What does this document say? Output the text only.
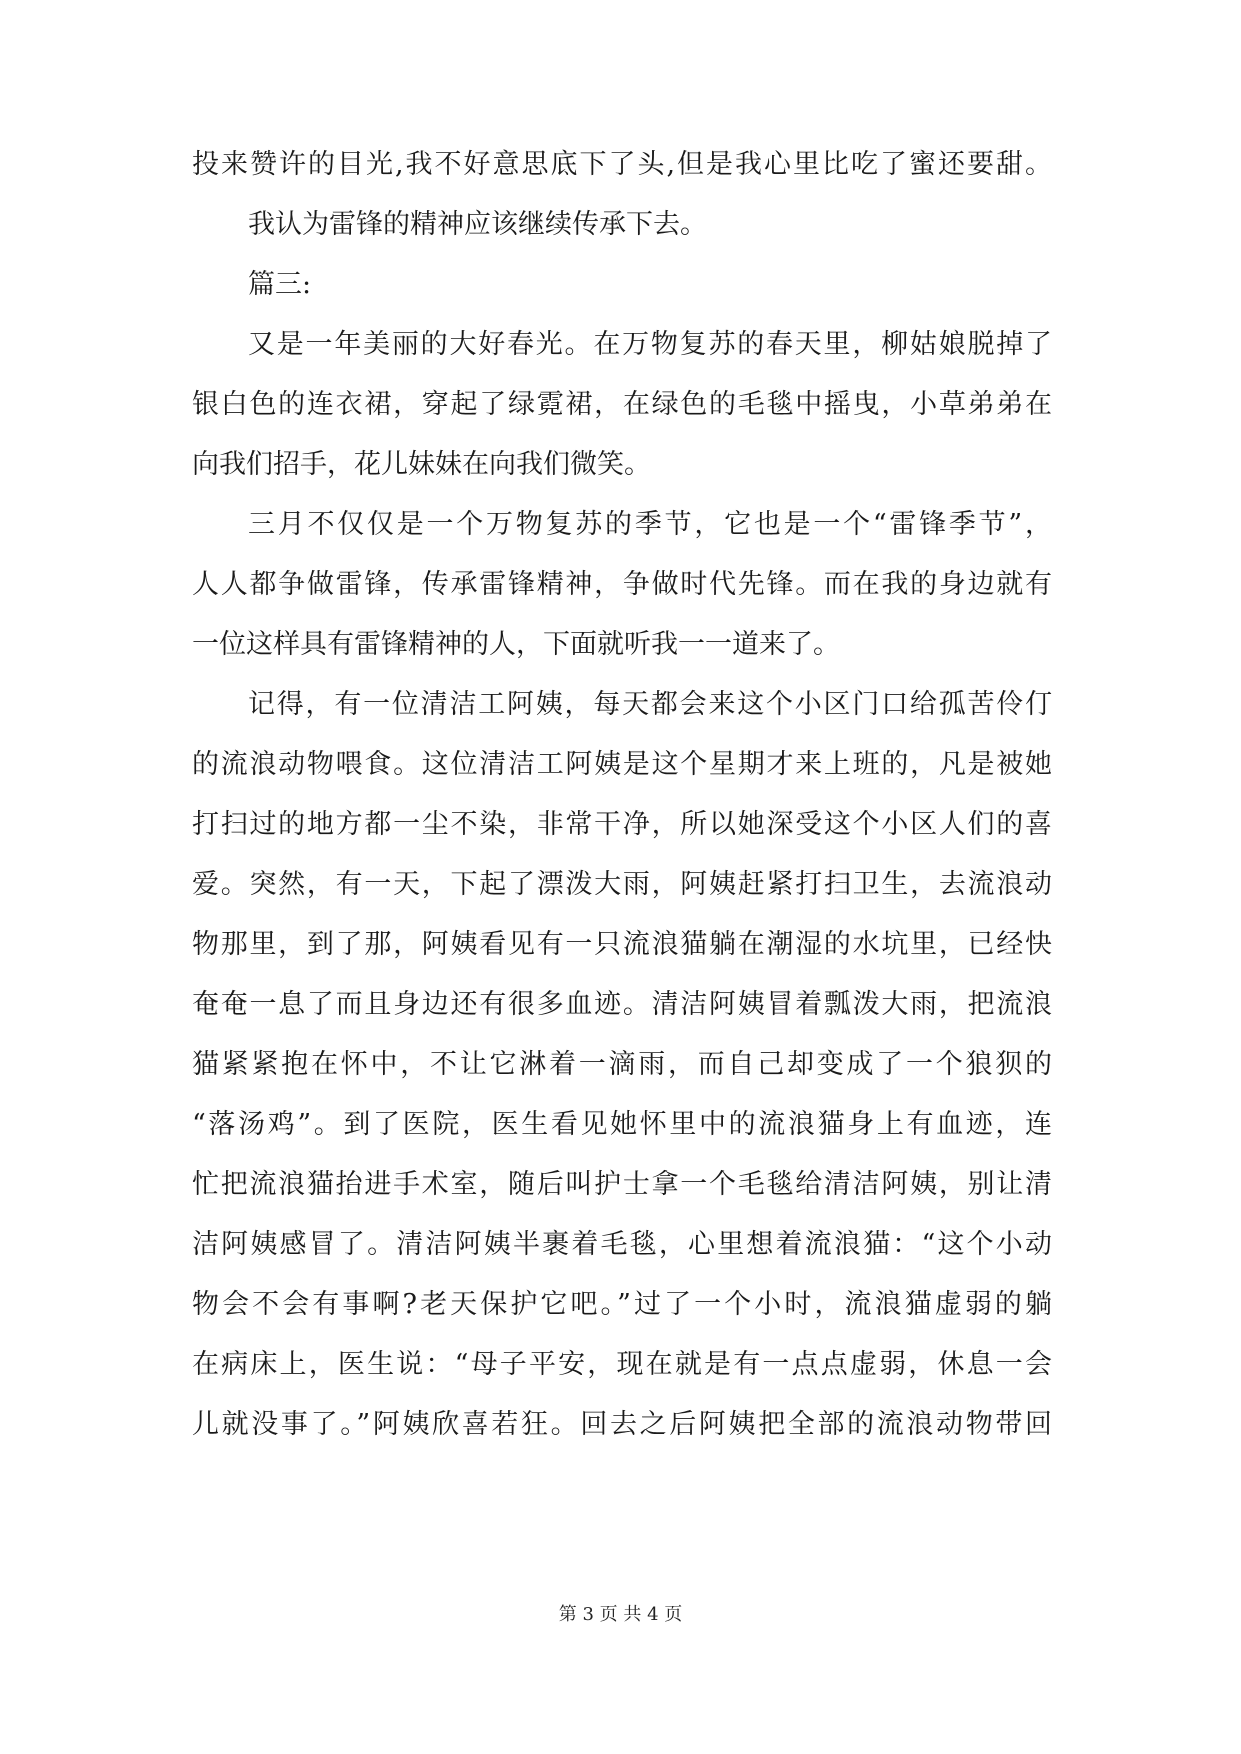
投来赞许的目光,我不好意思底下了头,但是我心里比吃了蜜还要甜。
我认为雷锋的精神应该继续传承下去。
篇三:
又是一年美丽的大好春光。在万物复苏的春天里，柳姑娘脱掉了
银白色的连衣裙，穿起了绿霓裙，在绿色的毛毯中摇曳，小草弟弟在
向我们招手，花儿妹妹在向我们微笑。
三月不仅仅是一个万物复苏的季节，它也是一个“雷锋季节”，
人人都争做雷锋，传承雷锋精神，争做时代先锋。而在我的身边就有
一位这样具有雷锋精神的人，下面就听我一一道来了。
记得，有一位清洁工阿姨，每天都会来这个小区门口给孤苦伶仃
的流浪动物喂食。这位清洁工阿姨是这个星期才来上班的，凡是被她
打扫过的地方都一尘不染，非常干净，所以她深受这个小区人们的喜
爱。突然，有一天，下起了漂泼大雨，阿姨赶紧打扫卫生，去流浪动
物那里，到了那，阿姨看见有一只流浪猫躺在潮湿的水坑里，已经快
奄奄一息了而且身边还有很多血迹。清洁阿姨冒着瓢泼大雨，把流浪
猫紧紧抱在怀中，不让它淋着一滴雨，而自己却变成了一个狼狈的
“落汤鸡”。到了医院，医生看见她怀里中的流浪猫身上有血迹，连
忙把流浪猫抬进手术室，随后叫护士拿一个毛毯给清洁阿姨，别让清
洁阿姨感冒了。清洁阿姨半裹着毛毯，心里想着流浪猫：“这个小动
物会不会有事啊?老天保护它吧。”过了一个小时，流浪猫虚弱的躺
在病床上，医生说：“母子平安，现在就是有一点点虚弱，休息一会
儿就没事了。”阿姨欣喜若狂。回去之后阿姨把全部的流浪动物带回
第 3 页 共 4 页
